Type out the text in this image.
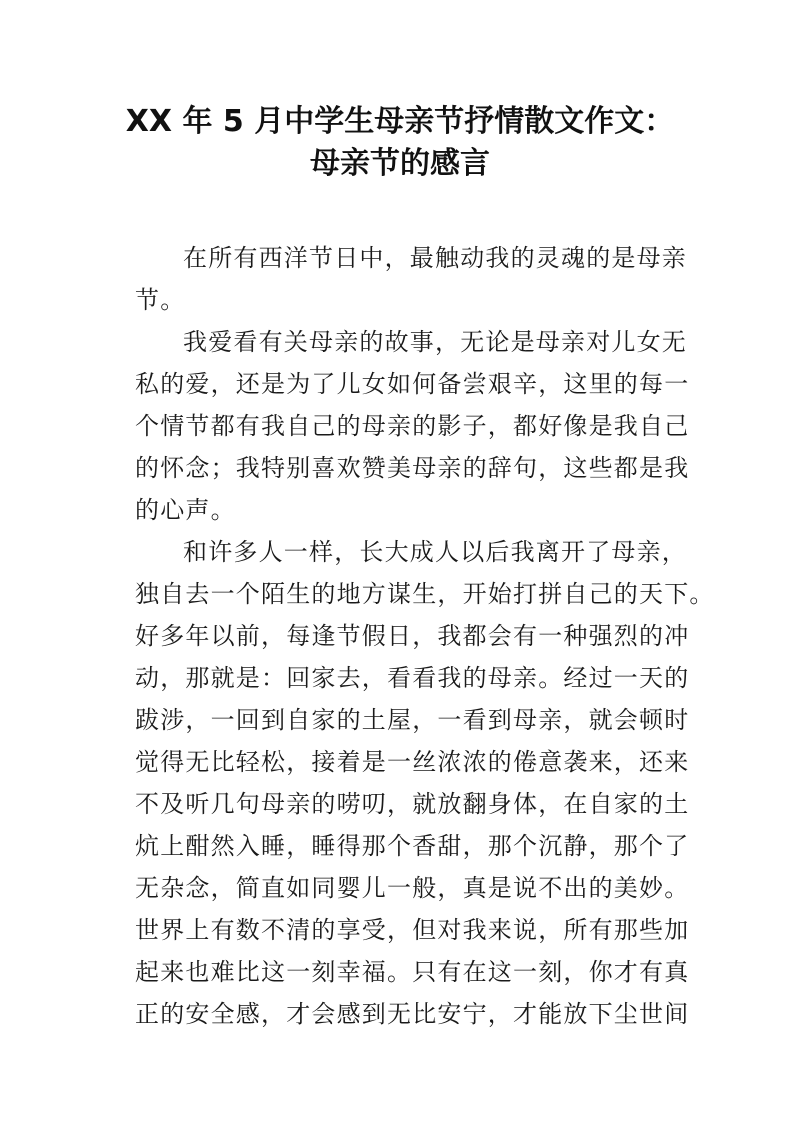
XX 年 5 月中学生母亲节抒情散文作文：
母亲节的感言
在所有西洋节日中，最触动我的灵魂的是母亲
节。
我爱看有关母亲的故事，无论是母亲对儿女无
私的爱，还是为了儿女如何备尝艰辛，这里的每一
个情节都有我自己的母亲的影子，都好像是我自己
的怀念；我特别喜欢赞美母亲的辞句，这些都是我
的心声。
和许多人一样，长大成人以后我离开了母亲，
独自去一个陌生的地方谋生，开始打拼自己的天下。
好多年以前，每逢节假日，我都会有一种强烈的冲
动，那就是：回家去，看看我的母亲。经过一天的
跋涉，一回到自家的土屋，一看到母亲，就会顿时
觉得无比轻松，接着是一丝浓浓的倦意袭来，还来
不及听几句母亲的唠叨，就放翻身体，在自家的土
炕上酣然入睡，睡得那个香甜，那个沉静，那个了
无杂念，简直如同婴儿一般，真是说不出的美妙。
世界上有数不清的享受，但对我来说，所有那些加
起来也难比这一刻幸福。只有在这一刻，你才有真
正的安全感，才会感到无比安宁，才能放下尘世间
